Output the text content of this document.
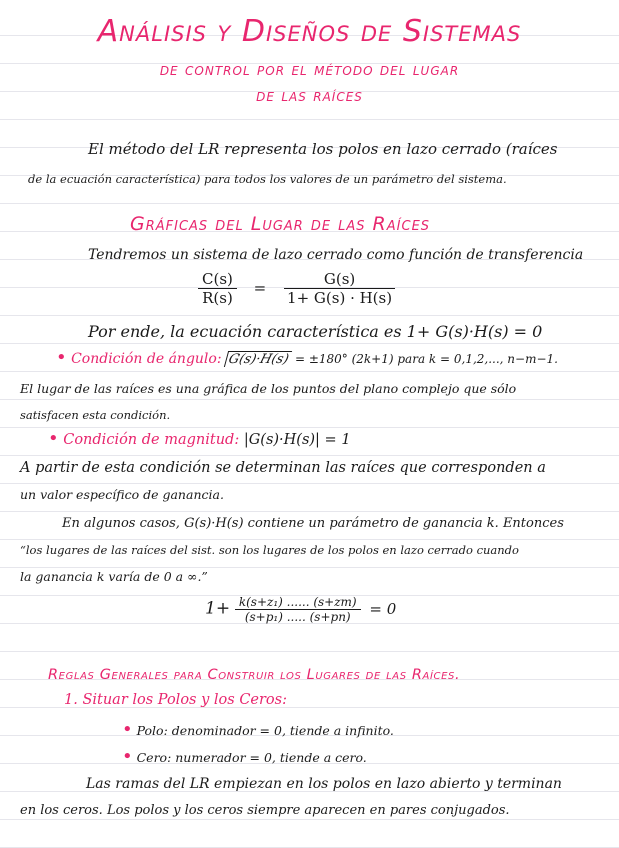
Análisis y Diseños de Sistemas
de control por el método del lugar
de las raíces
El método del LR representa los polos en lazo cerrado (raíces
de la ecuación característica) para todos los valores de un parámetro del sistema.
Gráficas del Lugar de las Raíces
Tendremos un sistema de lazo cerrado como función de transferencia
$\frac{C(s)}{R(s)} = \frac{G(s)}{1+ G(s) \cdot H(s)}$
Por ende, la ecuación característica es 1+ G(s)·H(s) = 0
• Condición de ángulo: G(s)·H(s) = ±180° (2k+1) para k = 0,1,2,..., n−m−1.
El lugar de las raíces es una gráfica de los puntos del plano complejo que sólo
satisfacen esta condición.
• Condición de magnitud: |G(s)·H(s)| = 1
A partir de esta condición se determinan las raíces que corresponden a
un valor específico de ganancia.
En algunos casos, G(s)·H(s) contiene un parámetro de ganancia k. Entonces
“los lugares de las raíces del sist. son los lugares de los polos en lazo cerrado cuando
la ganancia k varía de 0 a ∞.”
$1+ \frac{\text{k(s+z₁) ...... (s+zm)}}{\text{(s+p₁) ..... (s+pn)}} = 0$
Reglas Generales para Construir los Lugares de las Raíces.
1. Situar los Polos y los Ceros:
• Polo: denominador = 0, tiende a infinito.
• Cero: numerador = 0, tiende a cero.
Las ramas del LR empiezan en los polos en lazo abierto y terminan
en los ceros. Los polos y los ceros siempre aparecen en pares conjugados.
